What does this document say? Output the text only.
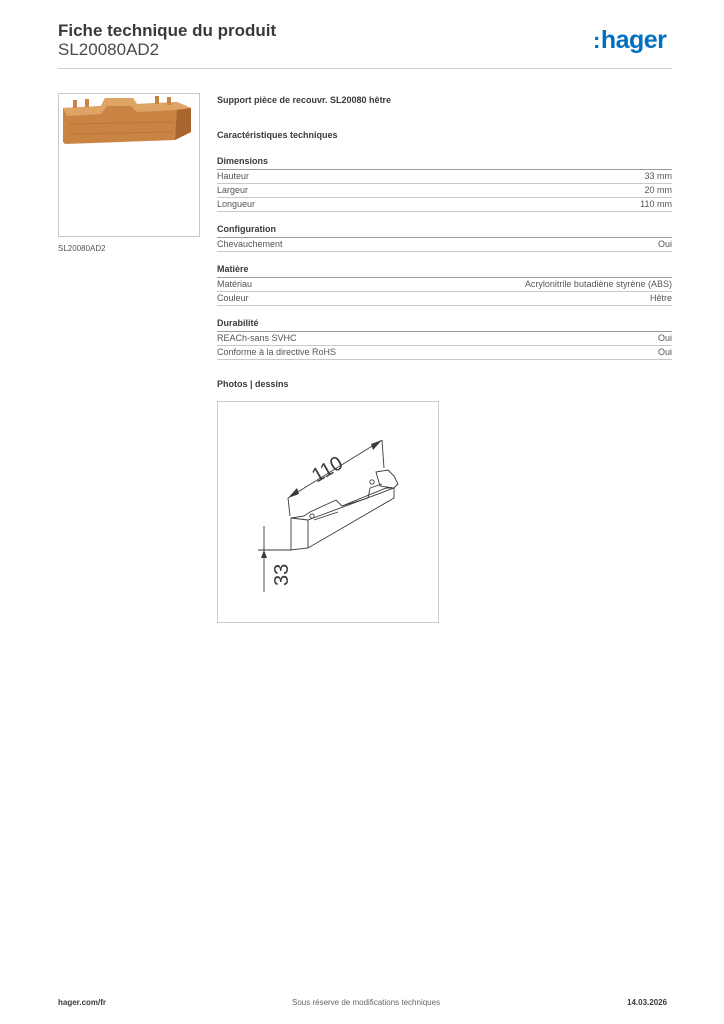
Fiche technique du produit
SL20080AD2	:hager
SL20080AD2
Support pièce de recouvr. SL20080 hêtre
Caractéristiques techniques
Dimensions
Hauteur	33 mm
Largeur	20 mm
Longueur	110 mm
Configuration
Chevauchement	Oui
Matière
Matériau	Acrylonitrile butadiène styrène (ABS)
Couleur	Hêtre
Durabilité
REACh-sans SVHC	Oui
Conforme à la directive RoHS	Oui
Photos | dessins
110
33
hager.com/fr	Sous réserve de modifications techniques	14.03.2026
